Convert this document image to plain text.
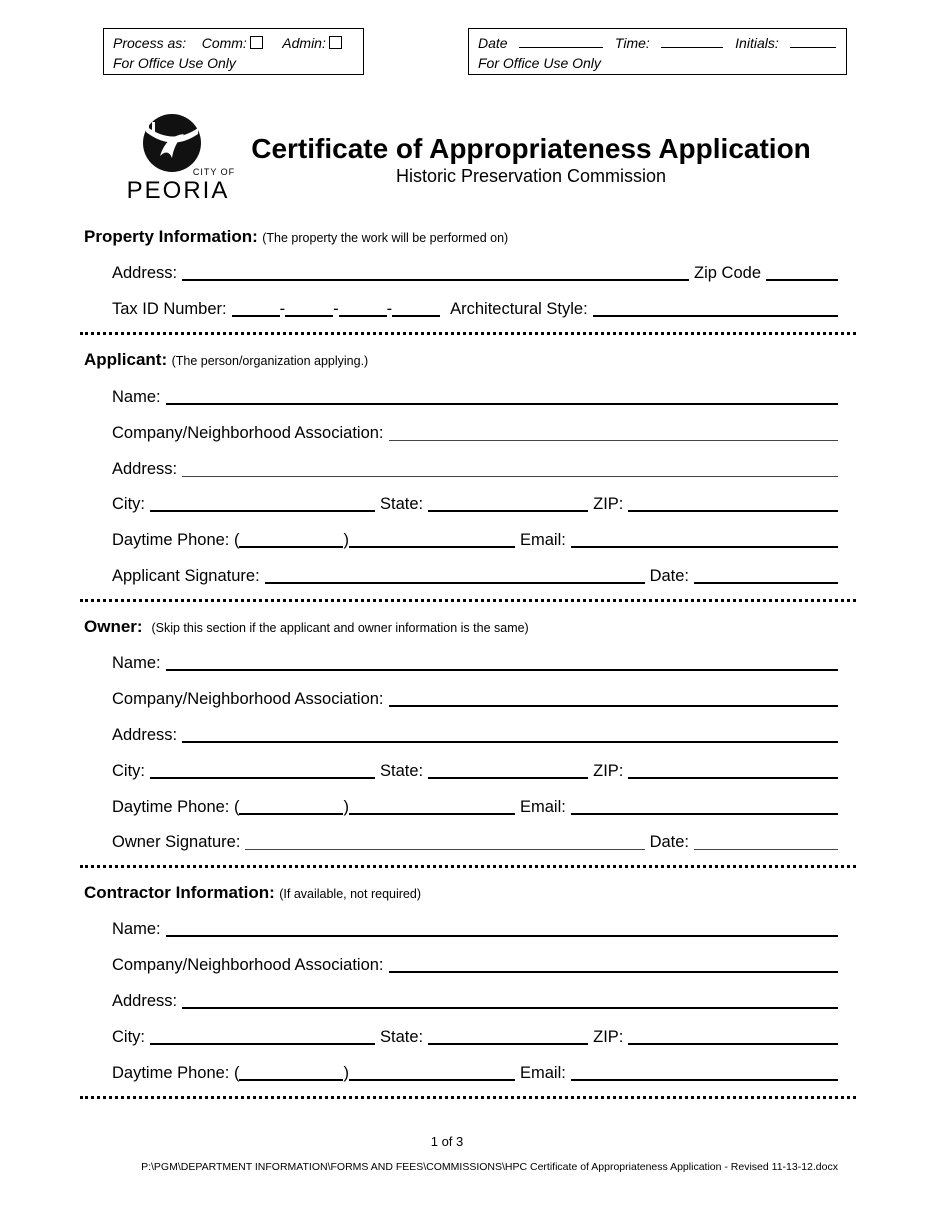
Process as: Comm:	Admin:
For Office Use Only
Date	Time:	Initials:
For Office Use Only
CITY OF
PEORIA
Certificate of Appropriateness Application
Historic Preservation Commission
Property Information: (The property the work will be performed on)
Address:	Zip Code
Tax ID Number:	-	-	-	Architectural Style:
Applicant: (The person/organization applying.)
Name:
Company/Neighborhood Association:
Address:
City:	State:	ZIP:
Daytime Phone: (	)	Email:
Applicant Signature:	Date:
Owner: (Skip this section if the applicant and owner information is the same)
Name:
Company/Neighborhood Association:
Address:
City:	State:	ZIP:
Daytime Phone: (	)	Email:
Owner Signature:	Date:
Contractor Information: (If available, not required)
Name:
Company/Neighborhood Association:
Address:
City:	State:	ZIP:
Daytime Phone: (	)	Email:
1 of 3
P:\PGM\DEPARTMENT INFORMATION\FORMS AND FEES\COMMISSIONS\HPC Certificate of Appropriateness Application - Revised 11-13-12.docx
